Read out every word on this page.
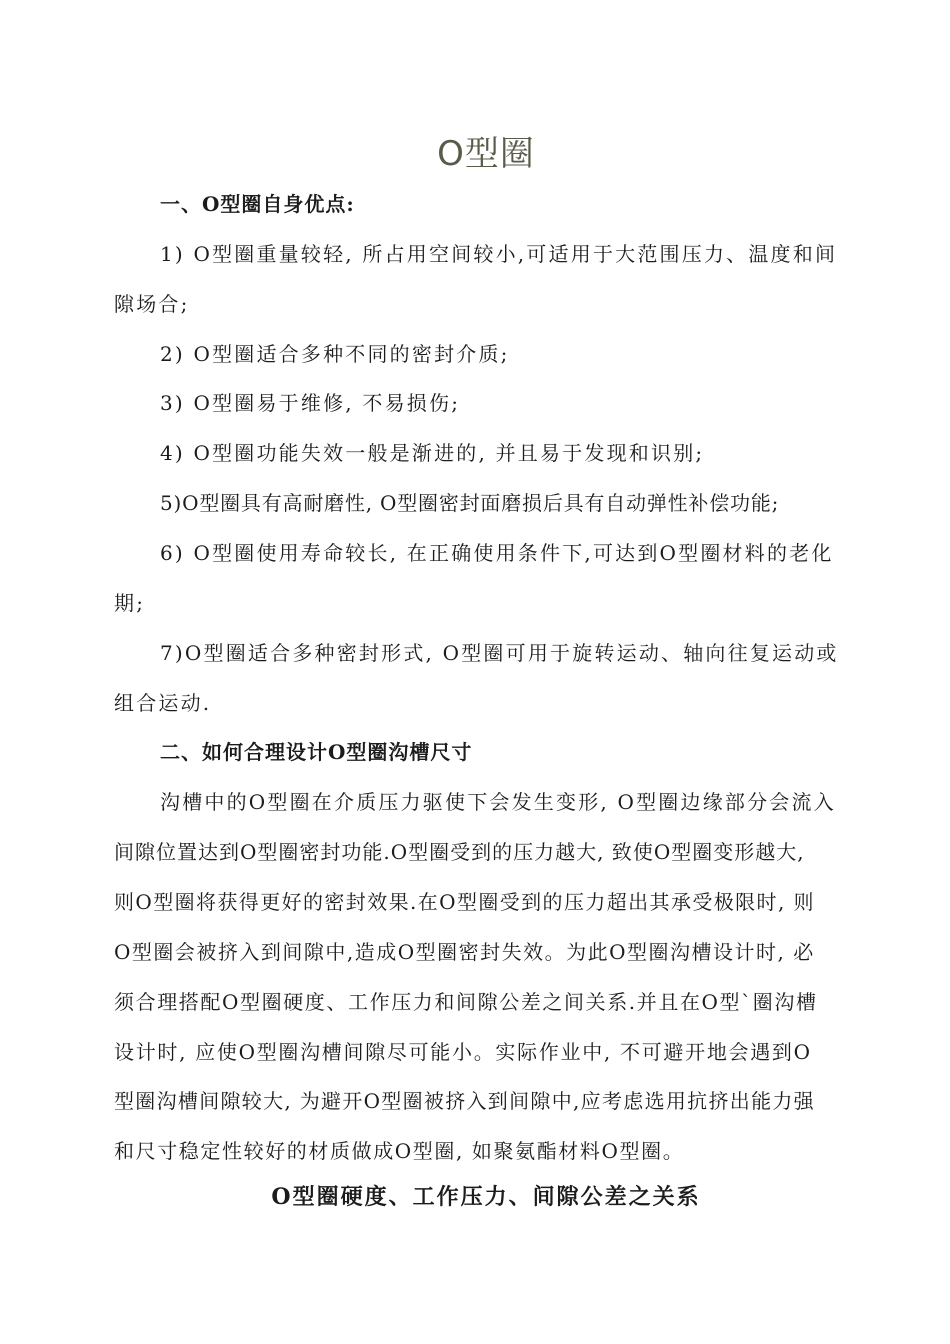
O型圈
一、O型圈自身优点:
1) O型圈重量较轻, 所占用空间较小,可适用于大范围压力、温度和间
隙场合;
2) O型圈适合多种不同的密封介质;
3) O型圈易于维修, 不易损伤;
4) O型圈功能失效一般是渐进的, 并且易于发现和识别;
5)O型圈具有高耐磨性, O型圈密封面磨损后具有自动弹性补偿功能;
6) O型圈使用寿命较长, 在正确使用条件下,可达到O型圈材料的老化
期;
7)O型圈适合多种密封形式, O型圈可用于旋转运动、轴向往复运动或
组合运动.
二、如何合理设计O型圈沟槽尺寸
沟槽中的O型圈在介质压力驱使下会发生变形, O型圈边缘部分会流入
间隙位置达到O型圈密封功能.O型圈受到的压力越大, 致使O型圈变形越大,
则O型圈将获得更好的密封效果.在O型圈受到的压力超出其承受极限时, 则
O型圈会被挤入到间隙中,造成O型圈密封失效。为此O型圈沟槽设计时, 必
须合理搭配O型圈硬度、工作压力和间隙公差之间关系.并且在O型`圈沟槽
设计时, 应使O型圈沟槽间隙尽可能小。实际作业中, 不可避开地会遇到O
型圈沟槽间隙较大, 为避开O型圈被挤入到间隙中,应考虑选用抗挤出能力强
和尺寸稳定性较好的材质做成O型圈, 如聚氨酯材料O型圈。
O型圈硬度、工作压力、间隙公差之关系
